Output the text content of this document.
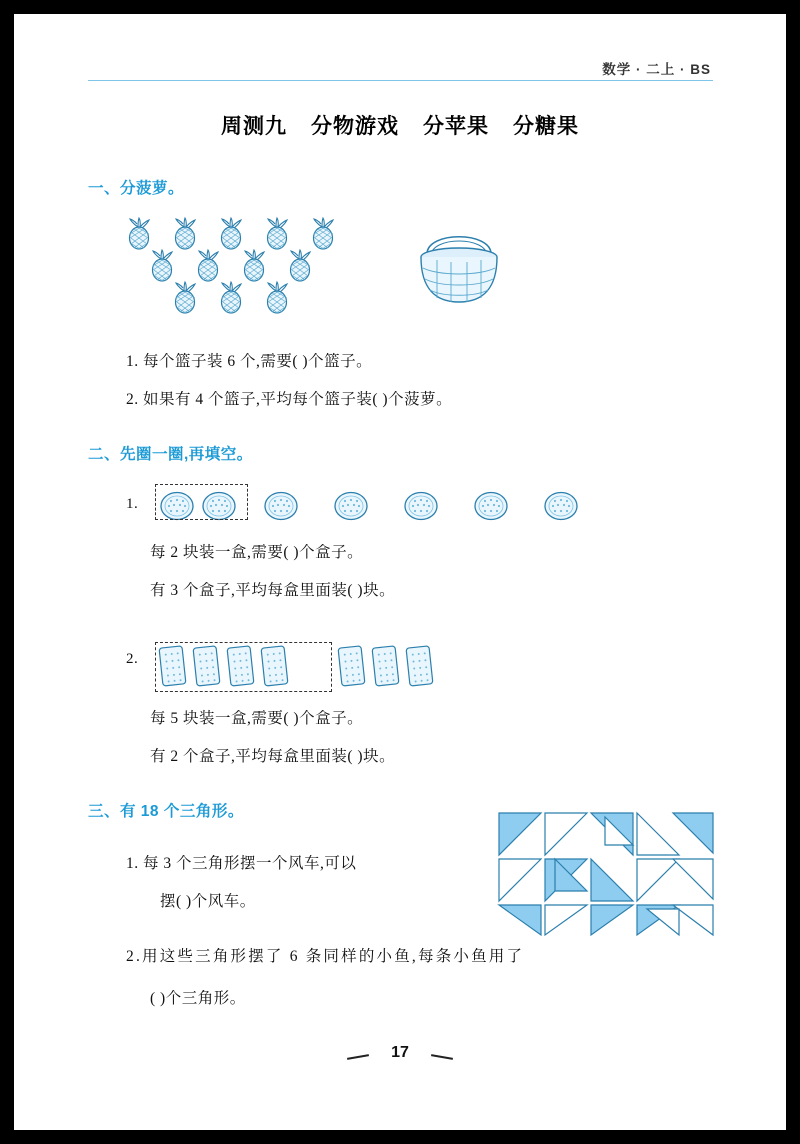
数学 · 二上 · BS
周测九 分物游戏 分苹果 分糖果
一、分菠萝。
1. 每个篮子装 6 个,需要( )个篮子。
2. 如果有 4 个篮子,平均每个篮子装( )个菠萝。
二、先圈一圈,再填空。
1.
每 2 块装一盒,需要( )个盒子。
有 3 个盒子,平均每盒里面装( )块。
2.
每 5 块装一盒,需要( )个盒子。
有 2 个盒子,平均每盒里面装( )块。
三、有 18 个三角形。
1. 每 3 个三角形摆一个风车,可以
摆( )个风车。
2.用这些三角形摆了 6 条同样的小鱼,每条小鱼用了
( )个三角形。
17
